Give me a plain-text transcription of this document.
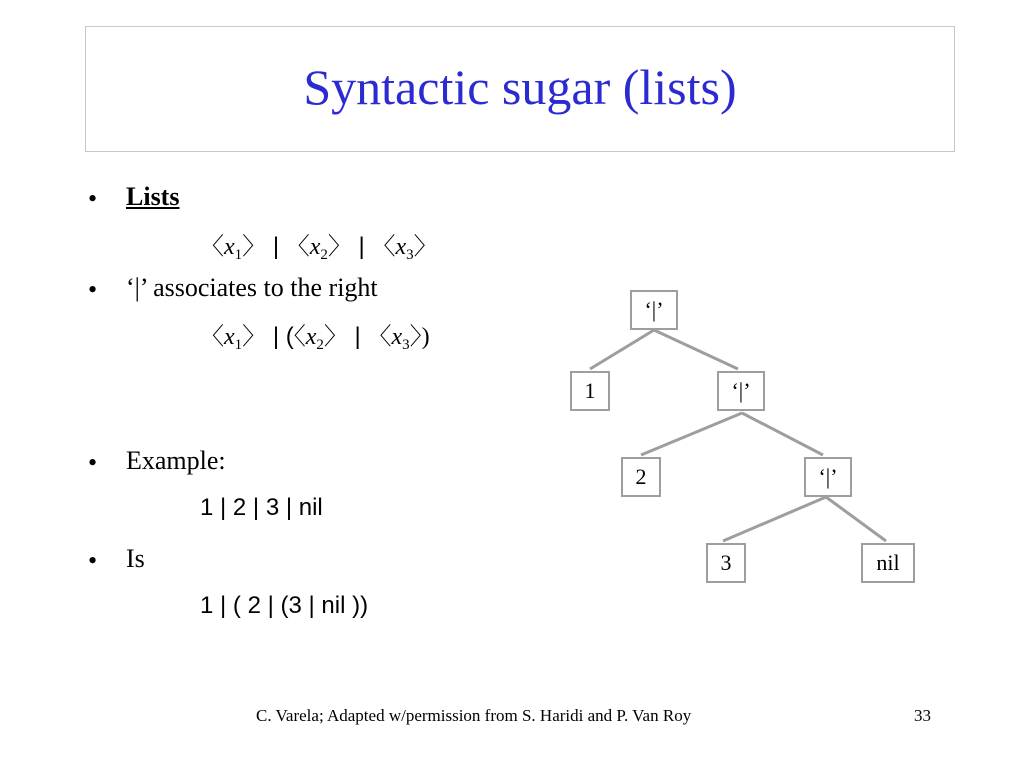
Syntactic sugar (lists)
• Lists
〈$x_1$〉 | 〈$x_2$〉 | 〈$x_3$〉
• ‘|’ associates to the right
〈$x_1$〉 | (〈$x_2$〉 | 〈$x_3$〉)
• Example:
1 | 2 | 3 | nil
• Is
1 | ( 2 | (3 | nil ))
‘|’
1	‘|’
2	‘|’
3	nil
C. Varela; Adapted w/permission from S. Haridi and P. Van Roy	33
